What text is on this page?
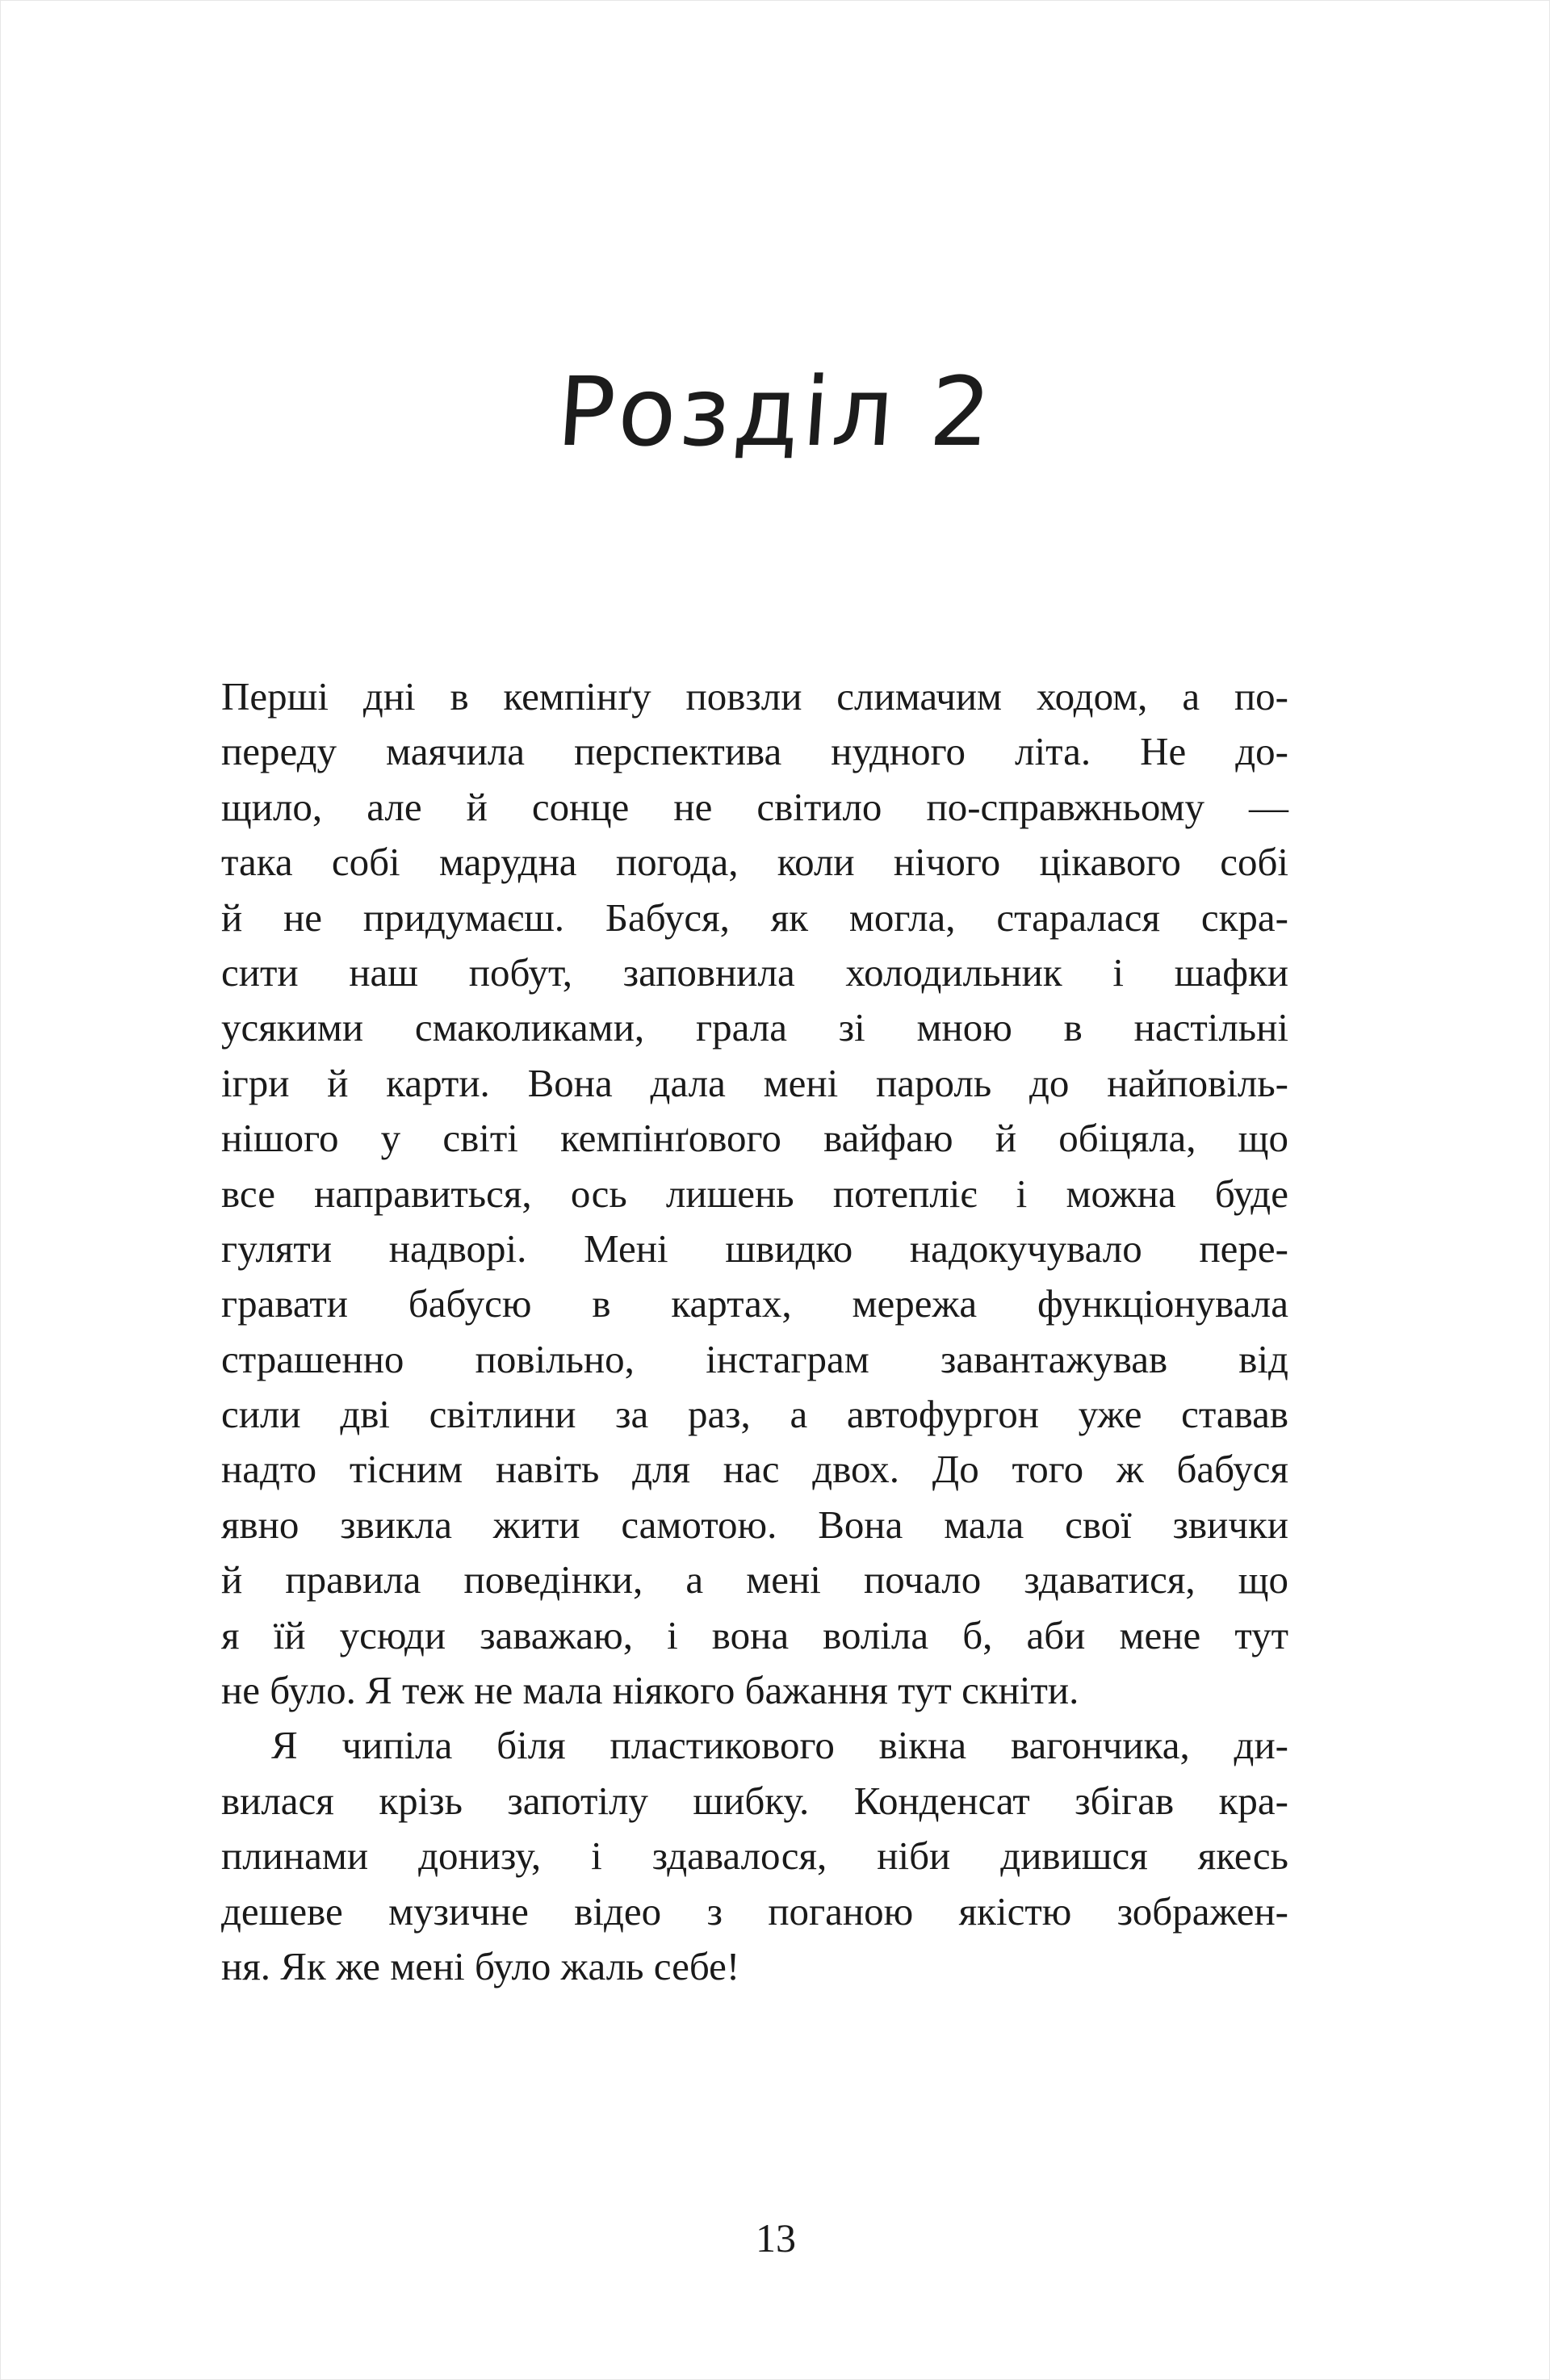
Розділ 2
Перші дні в кемпінґу повзли слимачим ходом, а по-
переду маячила перспектива нудного літа. Не до-
щило, але й сонце не світило по-справжньому —
така собі марудна погода, коли нічого цікавого собі
й не придумаєш. Бабуся, як могла, старалася скра-
сити наш побут, заповнила холодильник і шафки
усякими смаколиками, грала зі мною в настільні
ігри й карти. Вона дала мені пароль до найповіль-
нішого у світі кемпінґового вайфаю й обіцяла, що
все направиться, ось лишень потепліє і можна буде
гуляти надворі. Мені швидко надокучувало пере-
гравати бабусю в картах, мережа функціонувала
страшенно повільно, інстаграм завантажував від
сили дві світлини за раз, а автофургон уже ставав
надто тісним навіть для нас двох. До того ж бабуся
явно звикла жити самотою. Вона мала свої звички
й правила поведінки, а мені почало здаватися, що
я їй усюди заважаю, і вона воліла б, аби мене тут
не було. Я теж не мала ніякого бажання тут скніти.
Я чипіла біля пластикового вікна вагончика, ди-
вилася крізь запотілу шибку. Конденсат збігав кра-
плинами донизу, і здавалося, ніби дивишся якесь
дешеве музичне відео з поганою якістю зображен-
ня. Як же мені було жаль себе!
13
